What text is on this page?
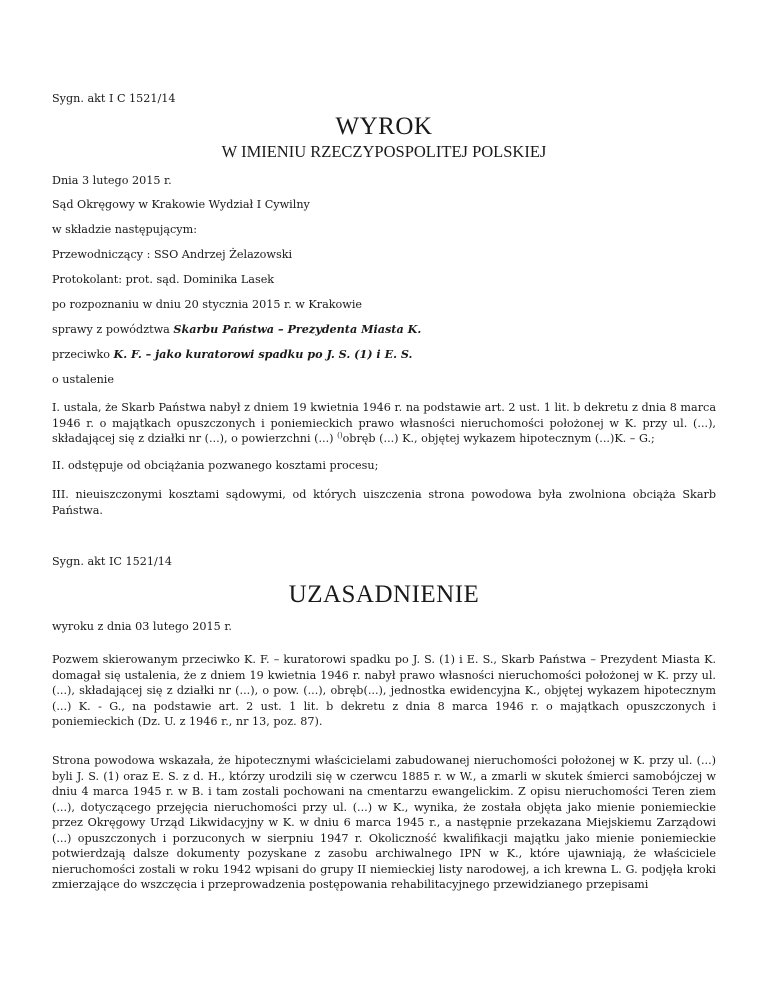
Sygn. akt I C 1521/14

WYROK
W IMIENIU RZECZYPOSPOLITEJ POLSKIEJ

Dnia 3 lutego 2015 r.

Sąd Okręgowy w Krakowie Wydział I Cywilny

w składzie następującym:

Przewodniczący : SSO Andrzej Żelazowski

Protokolant: prot. sąd. Dominika Lasek

po rozpoznaniu w dniu 20 stycznia 2015 r. w Krakowie

sprawy z powództwa Skarbu Państwa – Prezydenta Miasta K.

przeciwko K. F. – jako kuratorowi spadku po J. S. (1) i E. S.

o ustalenie

I. ustala, że Skarb Państwa nabył z dniem 19 kwietnia 1946 r. na podstawie art. 2 ust. 1 lit. b dekretu z dnia 8 marca 1946 r. o majątkach opuszczonych i poniemieckich prawo własności nieruchomości położonej w K. przy ul. (...), składającej się z działki nr (...), o powierzchni (...) ()obręb (...) K., objętej wykazem hipotecznym (...)K. – G.;

II. odstępuje od obciążania pozwanego kosztami procesu;

III. nieuiszczonymi kosztami sądowymi, od których uiszczenia strona powodowa była zwolniona obciąża Skarb Państwa.

Sygn. akt IC 1521/14

UZASADNIENIE

wyroku z dnia 03 lutego 2015 r.

Pozwem skierowanym przeciwko K. F. – kuratorowi spadku po J. S. (1) i E. S., Skarb Państwa – Prezydent Miasta K. domagał się ustalenia, że z dniem 19 kwietnia 1946 r. nabył prawo własności nieruchomości położonej w K. przy ul. (...), składającej się z działki nr (...), o pow. (...), obręb(...), jednostka ewidencyjna K., objętej wykazem hipotecznym (...) K. - G., na podstawie art. 2 ust. 1 lit. b dekretu z dnia 8 marca 1946 r. o majątkach opuszczonych i poniemieckich (Dz. U. z 1946 r., nr 13, poz. 87).

Strona powodowa wskazała, że hipotecznymi właścicielami zabudowanej nieruchomości położonej w K. przy ul. (...) byli J. S. (1) oraz E. S. z d. H., którzy urodzili się w czerwcu 1885 r. w W., a zmarli w skutek śmierci samobójczej w dniu 4 marca 1945 r. w B. i tam zostali pochowani na cmentarzu ewangelickim. Z opisu nieruchomości Teren ziem (...), dotyczącego przejęcia nieruchomości przy ul. (...) w K., wynika, że została objęta jako mienie poniemieckie przez Okręgowy Urząd Likwidacyjny w K. w dniu 6 marca 1945 r., a następnie przekazana Miejskiemu Zarządowi (...) opuszczonych i porzuconych w sierpniu 1947 r. Okoliczność kwalifikacji majątku jako mienie poniemieckie potwierdzają dalsze dokumenty pozyskane z zasobu archiwalnego IPN w K., które ujawniają, że właściciele nieruchomości zostali w roku 1942 wpisani do grupy II niemieckiej listy narodowej, a ich krewna L. G. podjęła kroki zmierzające do wszczęcia i przeprowadzenia postępowania rehabilitacyjnego przewidzianego przepisami
